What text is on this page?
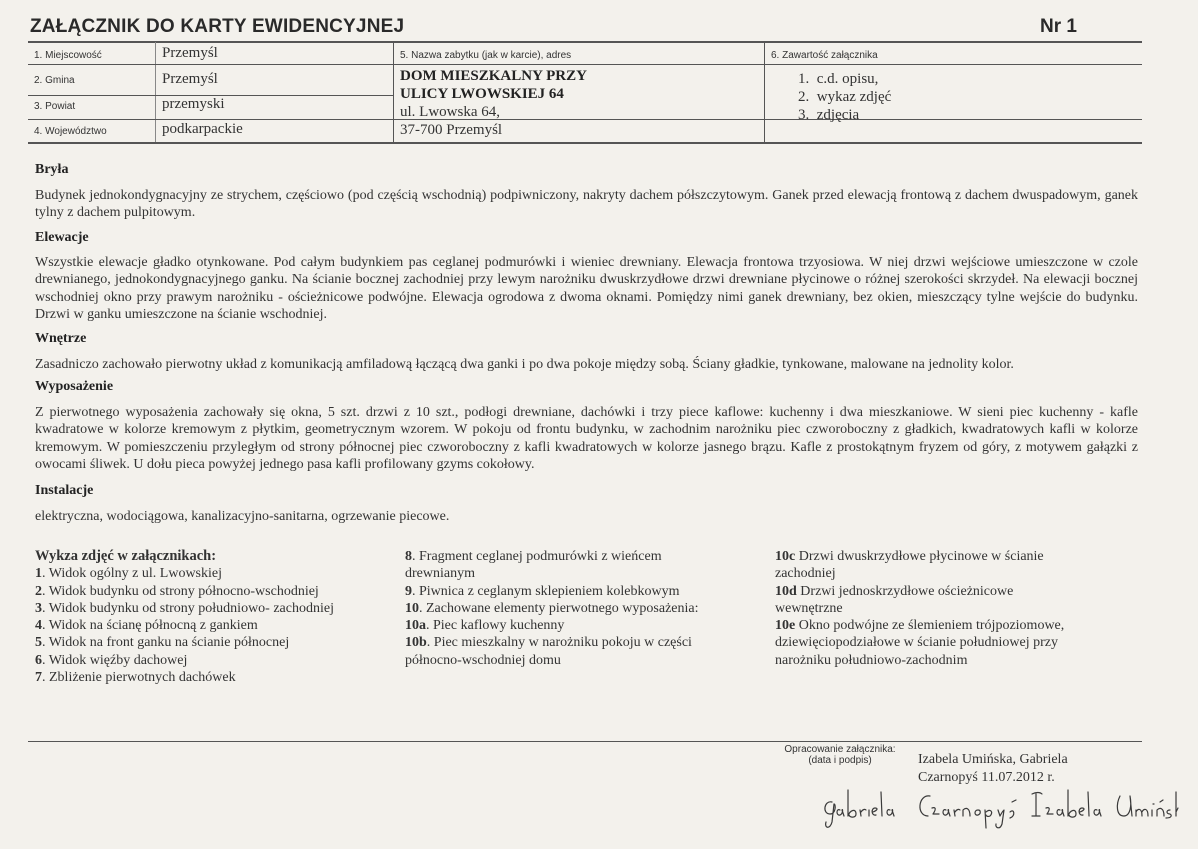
ZAŁĄCZNIK DO KARTY EWIDENCYJNEJ	Nr 1
1. Miejscowość	Przemyśl
2. Gmina	Przemyśl
3. Powiat	przemyski
4. Województwo	podkarpackie
5. Nazwa zabytku (jak w karcie), adres
DOM MIESZKALNY PRZY
ULICY LWOWSKIEJ 64
ul. Lwowska 64,
37-700 Przemyśl
6. Zawartość załącznika
1.  c.d. opisu,
2.  wykaz zdjęć
3.  zdjęcia
Bryła
Budynek jednokondygnacyjny ze strychem, częściowo (pod częścią wschodnią) podpiwniczony, nakryty dachem półszczytowym. Ganek przed elewacją frontową z dachem dwuspadowym, ganek tylny z dachem pulpitowym.
Elewacje
Wszystkie elewacje gładko otynkowane. Pod całym budynkiem pas ceglanej podmurówki i wieniec drewniany. Elewacja frontowa trzyosiowa. W niej drzwi wejściowe umieszczone w czole drewnianego, jednokondygnacyjnego ganku. Na ścianie bocznej zachodniej przy lewym narożniku dwuskrzydłowe drzwi drewniane płycinowe o różnej szerokości skrzydeł. Na elewacji bocznej wschodniej okno przy prawym narożniku - ościeżnicowe podwójne. Elewacja ogrodowa z dwoma oknami. Pomiędzy nimi ganek drewniany, bez okien, mieszczący tylne wejście do budynku. Drzwi w ganku umieszczone na ścianie wschodniej.
Wnętrze
Zasadniczo zachowało pierwotny układ z komunikacją amfiladową łączącą dwa ganki i po dwa pokoje między sobą. Ściany gładkie, tynkowane, malowane na jednolity kolor.
Wyposażenie
Z pierwotnego wyposażenia zachowały się okna, 5 szt. drzwi z 10 szt., podłogi drewniane, dachówki i trzy piece kaflowe: kuchenny i dwa mieszkaniowe. W sieni piec kuchenny - kafle kwadratowe w kolorze kremowym z płytkim, geometrycznym wzorem. W pokoju od frontu budynku, w zachodnim narożniku piec czworoboczny z gładkich, kwadratowych kafli w kolorze kremowym. W pomieszczeniu przyległym od strony północnej piec czworoboczny z kafli kwadratowych w kolorze jasnego brązu. Kafle z prostokątnym fryzem od góry, z motywem gałązki z owocami śliwek. U dołu pieca powyżej jednego pasa kafli profilowany gzyms cokołowy.
Instalacje
elektryczna, wodociągowa, kanalizacyjno-sanitarna, ogrzewanie piecowe.
Wykza zdjęć w załącznikach:
1. Widok ogólny z ul. Lwowskiej
2. Widok budynku od strony północno-wschodniej
3. Widok budynku od strony południowo- zachodniej
4. Widok na ścianę północną z gankiem
5. Widok na front ganku na ścianie północnej
6. Widok więźby dachowej
7. Zbliżenie pierwotnych dachówek
8. Fragment ceglanej podmurówki z wieńcem
drewnianym
9. Piwnica z ceglanym sklepieniem kolebkowym
10. Zachowane elementy pierwotnego wyposażenia:
10a. Piec kaflowy kuchenny
10b. Piec mieszkalny w narożniku pokoju w części
północno-wschodniej domu
10c Drzwi dwuskrzydłowe płycinowe w ścianie
zachodniej
10d Drzwi jednoskrzydłowe ościeżnicowe
wewnętrzne
10e Okno podwójne ze ślemieniem trójpoziomowe,
dziewięciopodziałowe w ścianie południowej przy
narożniku południowo-zachodnim
Opracowanie załącznika:
(data i podpis)	Izabela Umińska, Gabriela
Czarnopyś 11.07.2012 r.
Gabriela Czarnopyś Izabela Umińska
